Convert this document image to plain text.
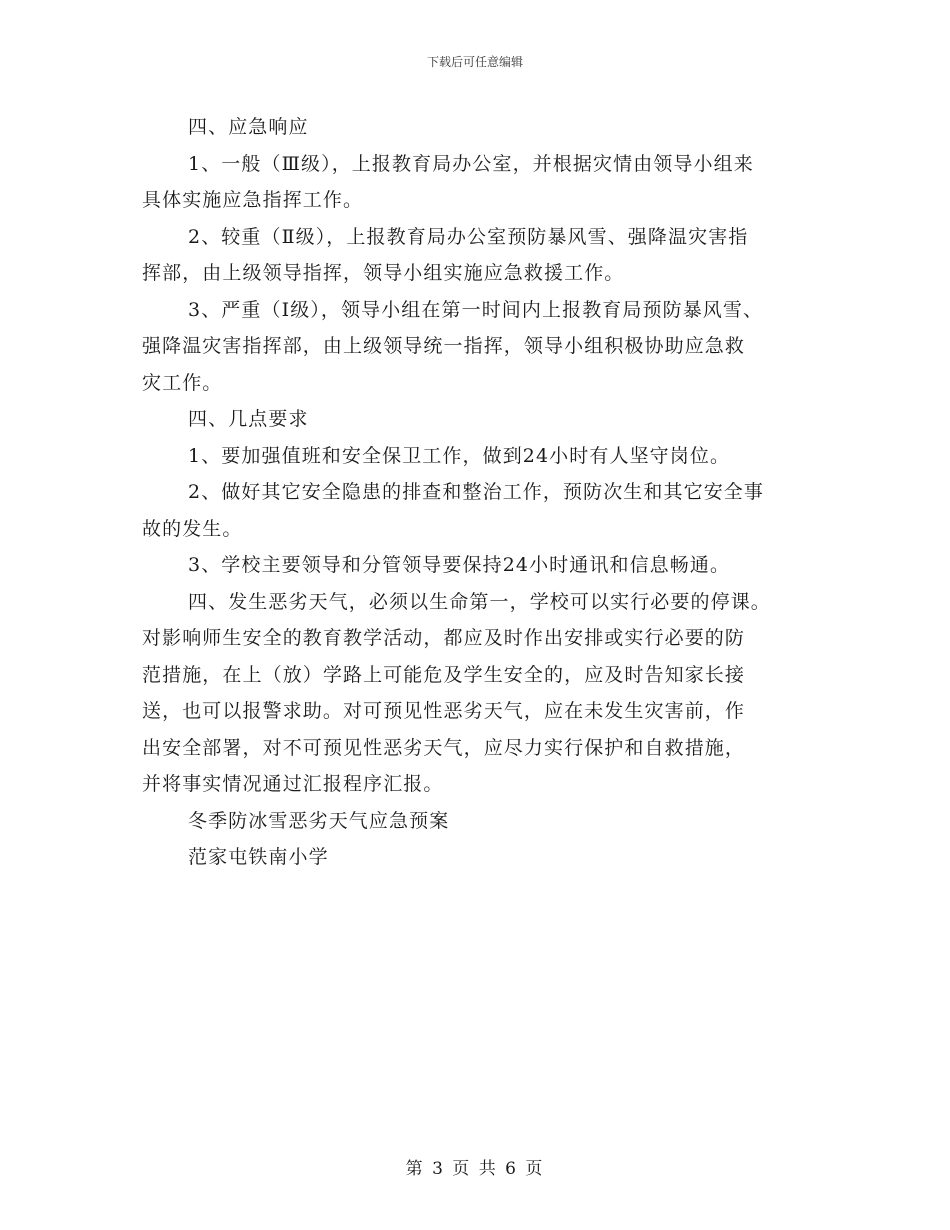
下载后可任意编辑
四、应急响应
1、一般（Ⅲ级），上报教育局办公室，并根据灾情由领导小组来
具体实施应急指挥工作。
2、较重（Ⅱ级），上报教育局办公室预防暴风雪、强降温灾害指
挥部，由上级领导指挥，领导小组实施应急救援工作。
3、严重（Ⅰ级），领导小组在第一时间内上报教育局预防暴风雪、
强降温灾害指挥部，由上级领导统一指挥，领导小组积极协助应急救
灾工作。
四、几点要求
1、要加强值班和安全保卫工作，做到24小时有人坚守岗位。
2、做好其它安全隐患的排查和整治工作，预防次生和其它安全事
故的发生。
3、学校主要领导和分管领导要保持24小时通讯和信息畅通。
四、发生恶劣天气，必须以生命第一，学校可以实行必要的停课。
对影响师生安全的教育教学活动，都应及时作出安排或实行必要的防
范措施，在上（放）学路上可能危及学生安全的，应及时告知家长接
送，也可以报警求助。对可预见性恶劣天气，应在未发生灾害前，作
出安全部署，对不可预见性恶劣天气，应尽力实行保护和自救措施，
并将事实情况通过汇报程序汇报。
冬季防冰雪恶劣天气应急预案
范家屯铁南小学
第 3 页 共 6 页
